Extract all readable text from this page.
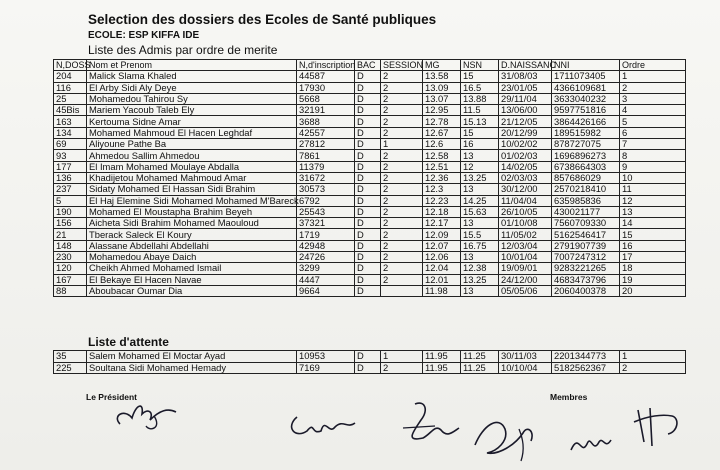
Selection des dossiers des Ecoles de Santé publiques
ECOLE: ESP KIFFA IDE
Liste des Admis par ordre de merite
N,DOSS	Nom et Prenom	N,d'inscription	BAC	SESSION	MG	NSN	D.NAISSANC	NNI	Ordre
204	Malick Slama Khaled	44587	D	2	13.58	15	31/08/03	1711073405	1
116	El Arby Sidi Aly Deye	17930	D	2	13.09	16.5	23/01/05	4366109681	2
25	Mohamedou Tahirou Sy	5668	D	2	13.07	13.88	29/11/04	3633040232	3
45Bis	Mariem Yacoub Taleb Ely	32191	D	2	12.95	11.5	13/06/00	9597751816	4
163	Kertouma Sidne Amar	3688	D	2	12.78	15.13	21/12/05	3864426166	5
134	Mohamed Mahmoud El Hacen Leghdaf	42557	D	2	12.67	15	20/12/99	189515982	6
69	Aliyoune Pathe Ba	27812	D	1	12.6	16	10/02/02	878727075	7
93	Ahmedou Sallim Ahmedou	7861	D	2	12.58	13	01/02/03	1696896273	8
177	El Imam Mohamed Moulaye Abdalla	11379	D	2	12.51	12	14/02/05	6738664303	9
136	Khadijetou Mohamed Mahmoud Amar	31672	D	2	12.36	13.25	02/03/03	857686029	10
237	Sidaty Mohamed El Hassan Sidi Brahim	30573	D	2	12.3	13	30/12/00	2570218410	11
5	El Haj Elemine Sidi Mohamed Mohamed M'Bareck	6792	D	2	12.23	14.25	11/04/04	635985836	12
190	Mohamed El Moustapha Brahim Beyeh	25543	D	2	12.18	15.63	26/10/05	430021177	13
156	Aicheta Sidi Brahim Mohamed Maouloud	37321	D	2	12.17	13	01/10/08	7560709330	14
21	Tberack Saleck El Koury	1719	D	2	12.09	15.5	11/05/02	5162546417	15
148	Alassane Abdellahi Abdellahi	42948	D	2	12.07	16.75	12/03/04	2791907739	16
230	Mohamedou Abaye Daich	24726	D	2	12.06	13	10/01/04	7007247312	17
120	Cheikh Ahmed Mohamed Ismail	3299	D	2	12.04	12.38	19/09/01	9283221265	18
167	El Bekaye El Hacen Navae	4447	D	2	12.01	13.25	24/12/00	4683473796	19
88	Aboubacar Oumar Dia	9664	D		11.98	13	05/05/06	2060400378	20
Liste d'attente
35	Salem Mohamed El Moctar Ayad	10953	D	1	11.95	11.25	30/11/03	2201344773	1
225	Soultana Sidi Mohamed Hemady	7169	D	2	11.95	11.25	10/10/04	5182562367	2
Le Président	Membres
